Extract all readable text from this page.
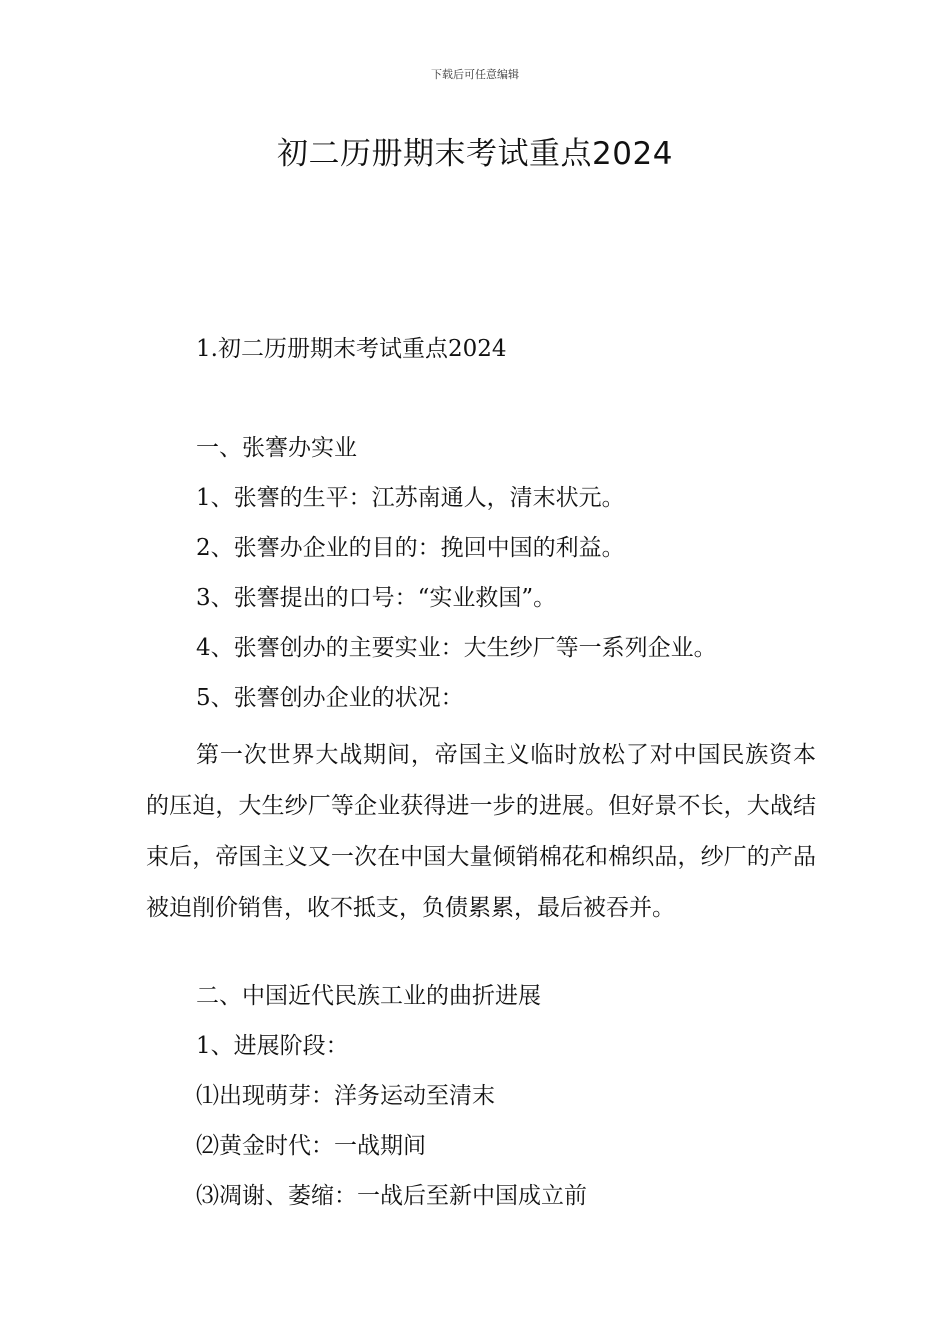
下载后可任意编辑
初二历册期末考试重点2024

1.初二历册期末考试重点2024

一、张謇办实业

1、张謇的生平：江苏南通人，清末状元。

2、张謇办企业的目的：挽回中国的利益。

3、张謇提出的口号：“实业救国”。

4、张謇创办的主要实业：大生纱厂等一系列企业。

5、张謇创办企业的状况：

第一次世界大战期间，帝国主义临时放松了对中国民族资本的压迫，大生纱厂等企业获得进一步的进展。但好景不长，大战结束后，帝国主义又一次在中国大量倾销棉花和棉织品，纱厂的产品被迫削价销售，收不抵支，负债累累，最后被吞并。

二、中国近代民族工业的曲折进展

1、进展阶段：

⑴出现萌芽：洋务运动至清末

⑵黄金时代：一战期间

⑶凋谢、萎缩：一战后至新中国成立前
